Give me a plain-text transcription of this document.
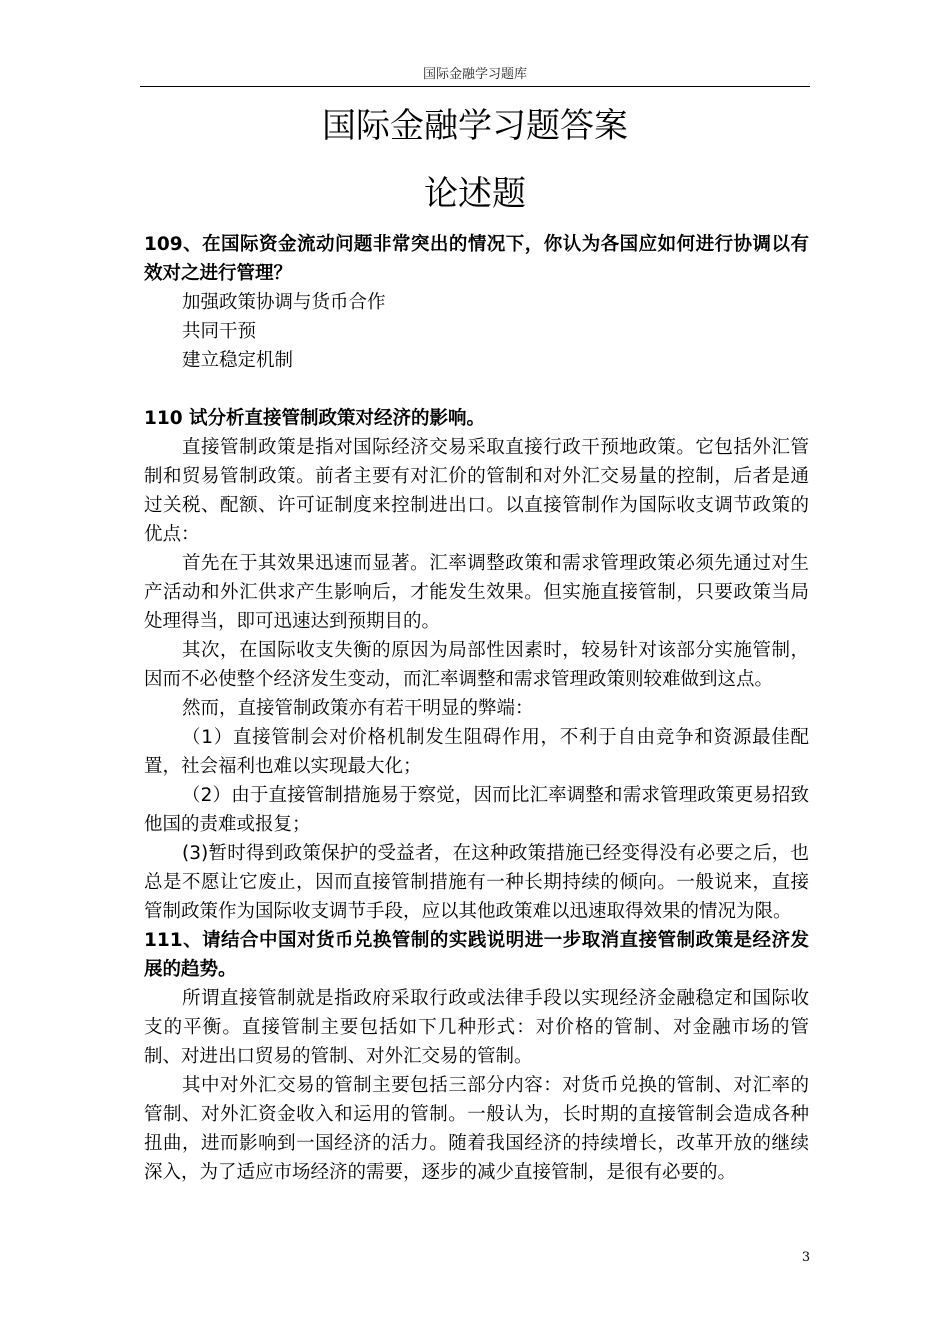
国际金融学习题库
国际金融学习题答案
论述题

109、在国际资金流动问题非常突出的情况下，你认为各国应如何进行协调以有效对之进行管理？

加强政策协调与货币合作

共同干预

建立稳定机制

110 试分析直接管制政策对经济的影响。

直接管制政策是指对国际经济交易采取直接行政干预地政策。它包括外汇管制和贸易管制政策。前者主要有对汇价的管制和对外汇交易量的控制，后者是通过关税、配额、许可证制度来控制进出口。以直接管制作为国际收支调节政策的优点：

首先在于其效果迅速而显著。汇率调整政策和需求管理政策必须先通过对生产活动和外汇供求产生影响后，才能发生效果。但实施直接管制，只要政策当局处理得当，即可迅速达到预期目的。

其次，在国际收支失衡的原因为局部性因素时，较易针对该部分实施管制，因而不必使整个经济发生变动，而汇率调整和需求管理政策则较难做到这点。

然而，直接管制政策亦有若干明显的弊端：

（1）直接管制会对价格机制发生阻碍作用，不利于自由竞争和资源最佳配置，社会福利也难以实现最大化；

（2）由于直接管制措施易于察觉，因而比汇率调整和需求管理政策更易招致他国的责难或报复；

(3)暂时得到政策保护的受益者，在这种政策措施已经变得没有必要之后，也总是不愿让它废止，因而直接管制措施有一种长期持续的倾向。一般说来，直接管制政策作为国际收支调节手段，应以其他政策难以迅速取得效果的情况为限。

111、请结合中国对货币兑换管制的实践说明进一步取消直接管制政策是经济发展的趋势。

所谓直接管制就是指政府采取行政或法律手段以实现经济金融稳定和国际收支的平衡。直接管制主要包括如下几种形式：对价格的管制、对金融市场的管制、对进出口贸易的管制、对外汇交易的管制。

其中对外汇交易的管制主要包括三部分内容：对货币兑换的管制、对汇率的管制、对外汇资金收入和运用的管制。一般认为，长时期的直接管制会造成各种扭曲，进而影响到一国经济的活力。随着我国经济的持续增长，改革开放的继续深入，为了适应市场经济的需要，逐步的减少直接管制，是很有必要的。

3
